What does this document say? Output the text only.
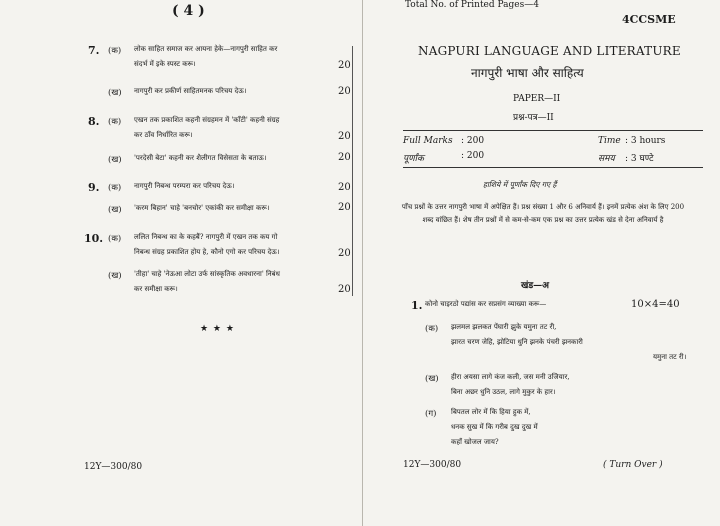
( 4 )
7. (क) लोक साहित समाज कर आयना हेके—नागपुरी साहित कर
संदर्भ में इके स्पस्ट करू।	20
(ख) नागपुरी कर प्रकीर्ण साहितमनक परिचय देऊ।	20
8. (क) एखन तक प्रकाशित कहनी संग्रहमन में 'काँटी' कहनी संग्रह
कर ठाँव निर्धारित करू।	20
(ख) 'परदेसी बेटा' कहनी कर शैलीगत विसेसता के बताऊ।	20
9. (क) नागपुरी निबन्ध परम्परा कर परिचय देऊ।	20
(ख) 'करम बिहान' चाहे 'बनचोर' एकांकी कर समीक्षा करू।	20
10. (क) ललित निबन्ध का के कहबैं? नागपुरी में एखन तक कय गो
निबन्ध संग्रह प्रकाशित होय हे, कौनो एगो कर परिचय देऊ।	20
(ख) 'तीहा' चाहे 'नेऊआ लोटा उर्फ सांस्कृतिक अवधारना' निबंध
कर समीक्षा करू।	20
★ ★ ★
12Y—300/80
Total No. of Printed Pages—4
4CCSME
NAGPURI LANGUAGE AND LITERATURE
नागपुरी भाषा और साहित्य
PAPER—II
प्रश्न-पत्र—II
Full Marks : 200	Time : 3 hours
पूर्णांक	: 200	समय : 3 घण्टे
हाशिये में पूर्णांक दिए गए हैं
पाँच प्रश्नों के उत्तर नागपुरी भाषा में अपेक्षित हैं। प्रश्न संख्या 1 और 6 अनिवार्य हैं। इनमें प्रत्येक अंश के लिए 200 शब्द वांछित हैं। शेष तीन प्रश्नों में से कम-से-कम एक प्रश्न का उत्तर प्रत्येक खंड से देना अनिवार्य है
खंड—अ
1. कोनो चाइरठो पद्यांस कर सप्रसंग व्याख्या करू—	10×4=40
(क) झलमल झलकत पेंघारी झुके यमुना तट री,
झारत चरण जेहि, झोटिया धुनि झनके पंचरी झनकारी
यमुना तट री।
(ख) हीरा अयसा लागे कंज कली, जस मनी उजियार,
बिना अछर धुनि उठल, लागे मुकुर के हार।
(ग) बिपतल लोर में कि हिया हुक में,
धनक सुख में कि गरीब दुख दुख में
कहाँ खोजल जाय?
12Y—300/80	( Turn Over )
